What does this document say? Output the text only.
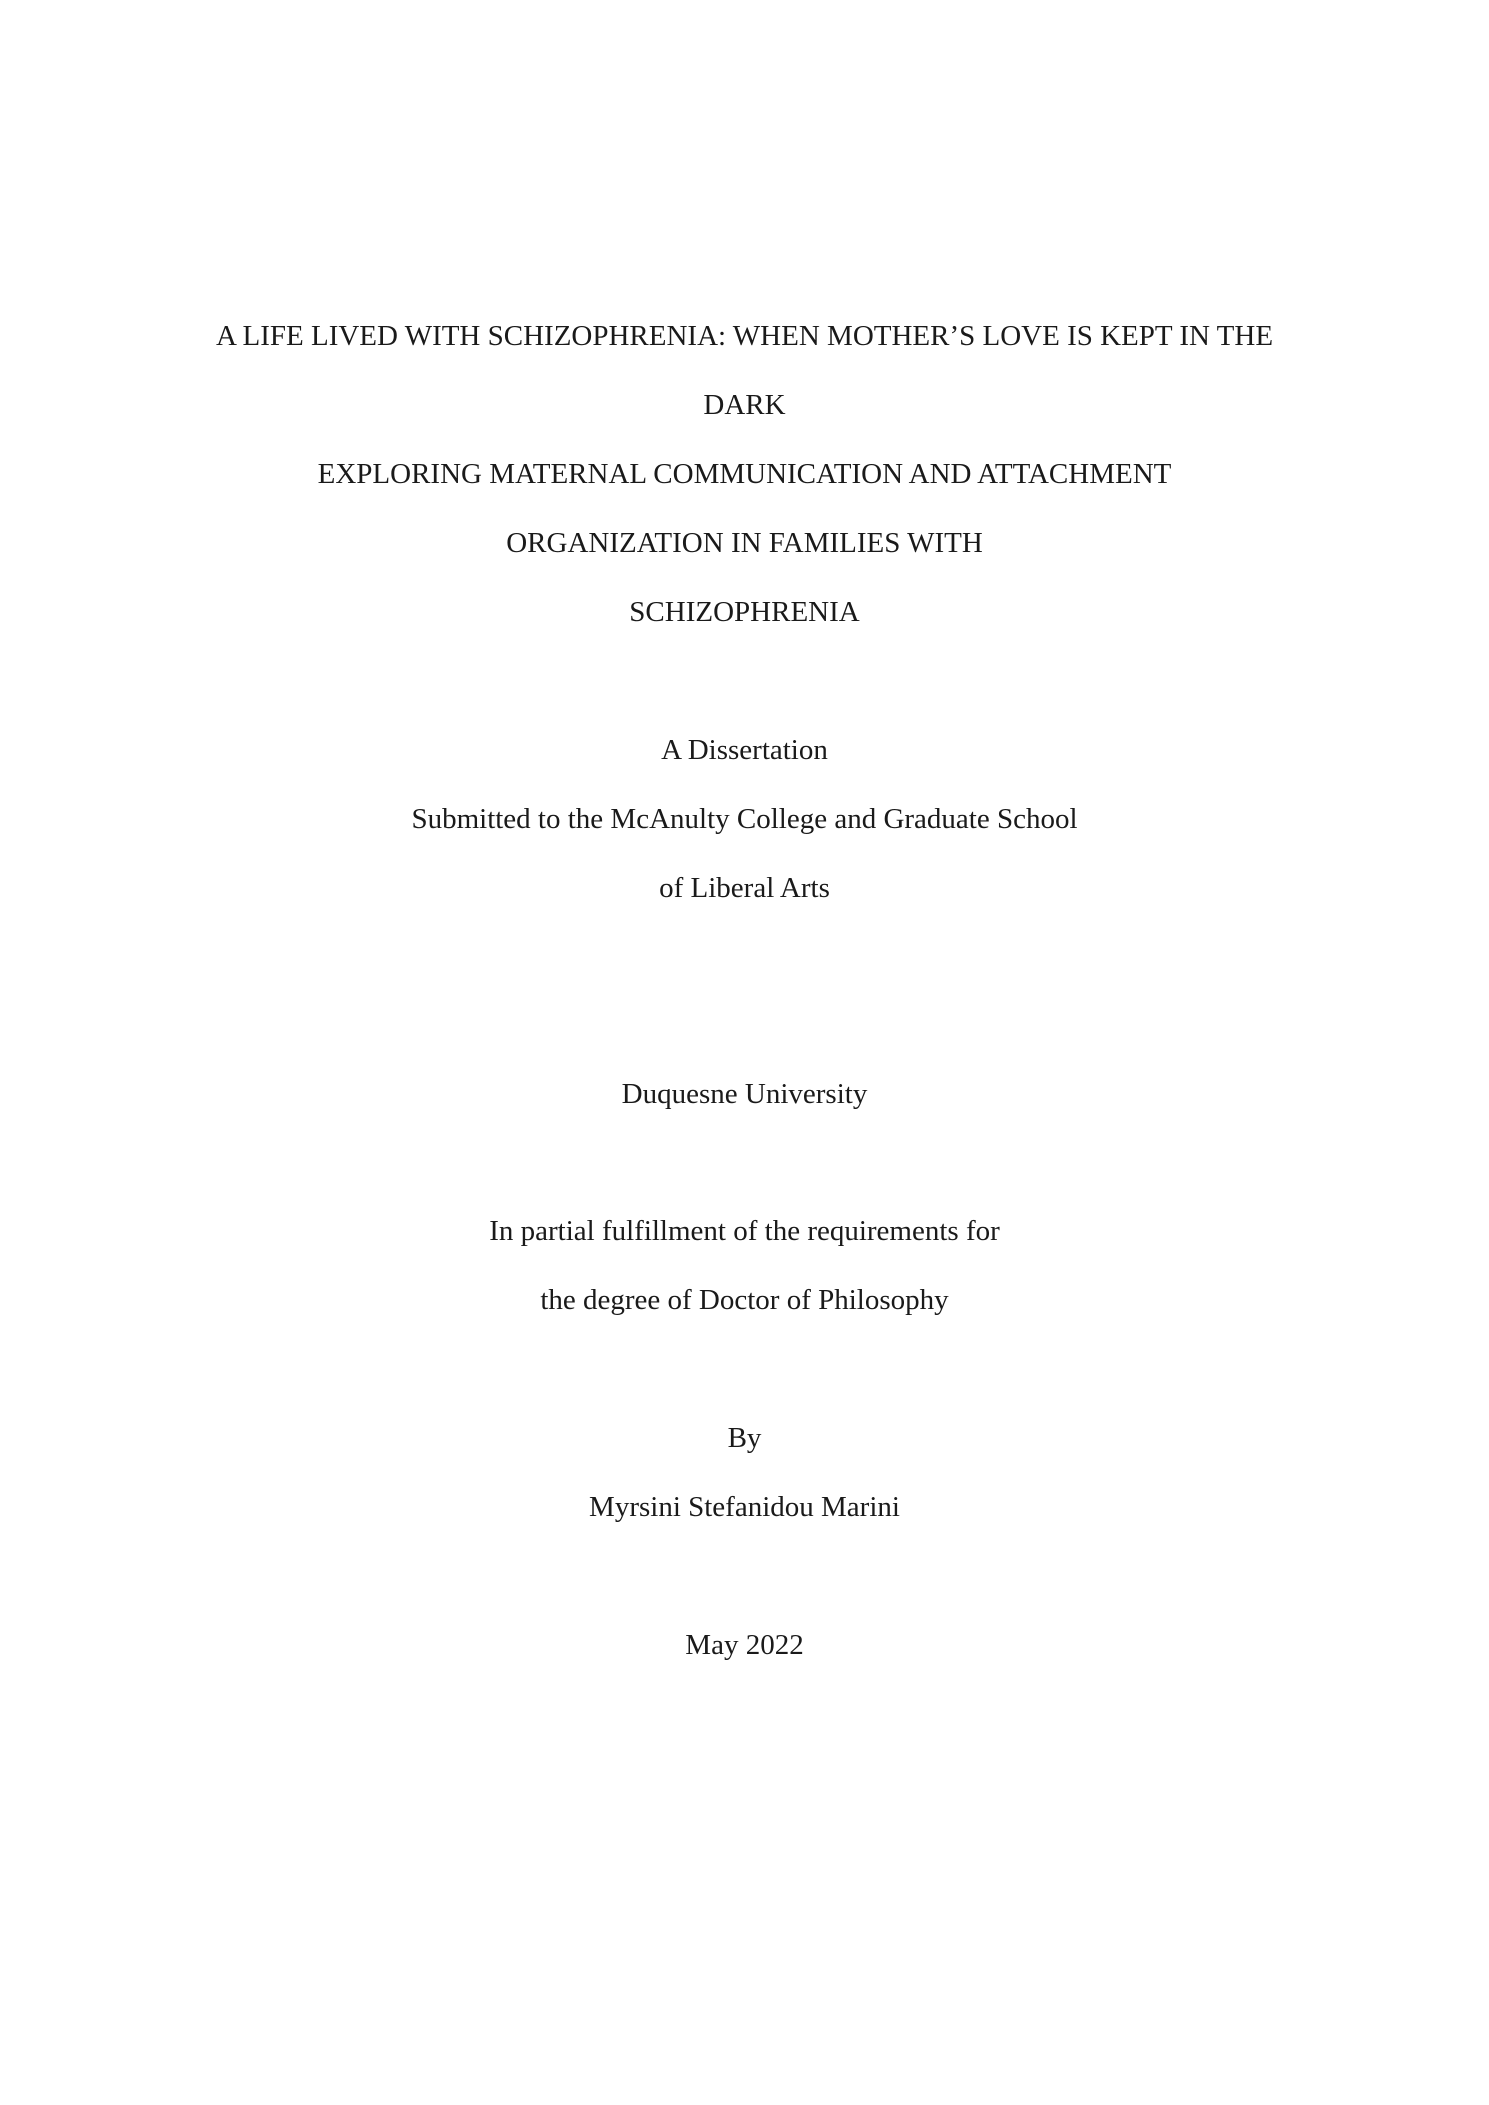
A LIFE LIVED WITH SCHIZOPHRENIA: WHEN MOTHER’S LOVE IS KEPT IN THE
DARK
EXPLORING MATERNAL COMMUNICATION AND ATTACHMENT
ORGANIZATION IN FAMILIES WITH
SCHIZOPHRENIA
A Dissertation
Submitted to the McAnulty College and Graduate School
of Liberal Arts
Duquesne University
In partial fulfillment of the requirements for
the degree of Doctor of Philosophy
By
Myrsini Stefanidou Marini
May 2022
